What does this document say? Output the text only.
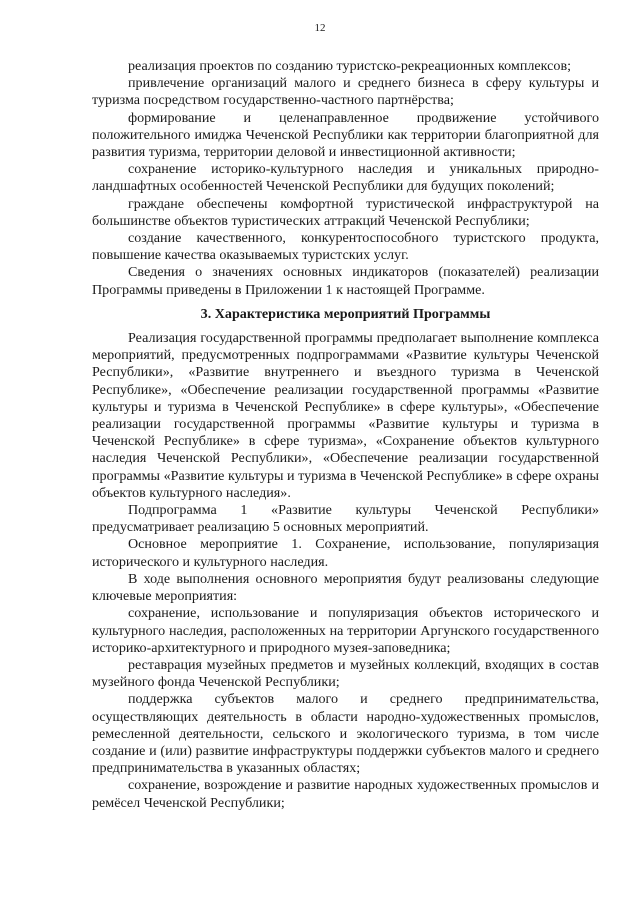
12

реализация проектов по созданию туристско-рекреационных комплексов;

привлечение организаций малого и среднего бизнеса в сферу культуры и туризма посредством государственно-частного партнёрства;

формирование и целенаправленное продвижение устойчивого положительного имиджа Чеченской Республики как территории благоприятной для развития туризма, территории деловой и инвестиционной активности;

сохранение историко-культурного наследия и уникальных природно-ландшафтных особенностей Чеченской Республики для будущих поколений;

граждане обеспечены комфортной туристической инфраструктурой на большинстве объектов туристических аттракций Чеченской Республики;

создание качественного, конкурентоспособного туристского продукта, повышение качества оказываемых туристских услуг.

Сведения о значениях основных индикаторов (показателей) реализации Программы приведены в Приложении 1 к настоящей Программе.

3. Характеристика мероприятий Программы

Реализация государственной программы предполагает выполнение комплекса мероприятий, предусмотренных подпрограммами «Развитие культуры Чеченской Республики», «Развитие внутреннего и въездного туризма в Чеченской Республике», «Обеспечение реализации государственной программы «Развитие культуры и туризма в Чеченской Республике» в сфере культуры», «Обеспечение реализации государственной программы «Развитие культуры и туризма в Чеченской Республике» в сфере туризма», «Сохранение объектов культурного наследия Чеченской Республики», «Обеспечение реализации государственной программы «Развитие культуры и туризма в Чеченской Республике» в сфере охраны объектов культурного наследия».

Подпрограмма 1 «Развитие культуры Чеченской Республики» предусматривает реализацию 5 основных мероприятий.

Основное мероприятие 1. Сохранение, использование, популяризация исторического и культурного наследия.

В ходе выполнения основного мероприятия будут реализованы следующие ключевые мероприятия:

сохранение, использование и популяризация объектов исторического и культурного наследия, расположенных на территории Аргунского государственного историко-архитектурного и природного музея-заповедника;

реставрация музейных предметов и музейных коллекций, входящих в состав музейного фонда Чеченской Республики;

поддержка субъектов малого и среднего предпринимательства, осуществляющих деятельность в области народно-художественных промыслов, ремесленной деятельности, сельского и экологического туризма, в том числе создание и (или) развитие инфраструктуры поддержки субъектов малого и среднего предпринимательства в указанных областях;

сохранение, возрождение и развитие народных художественных промыслов и ремёсел Чеченской Республики;
